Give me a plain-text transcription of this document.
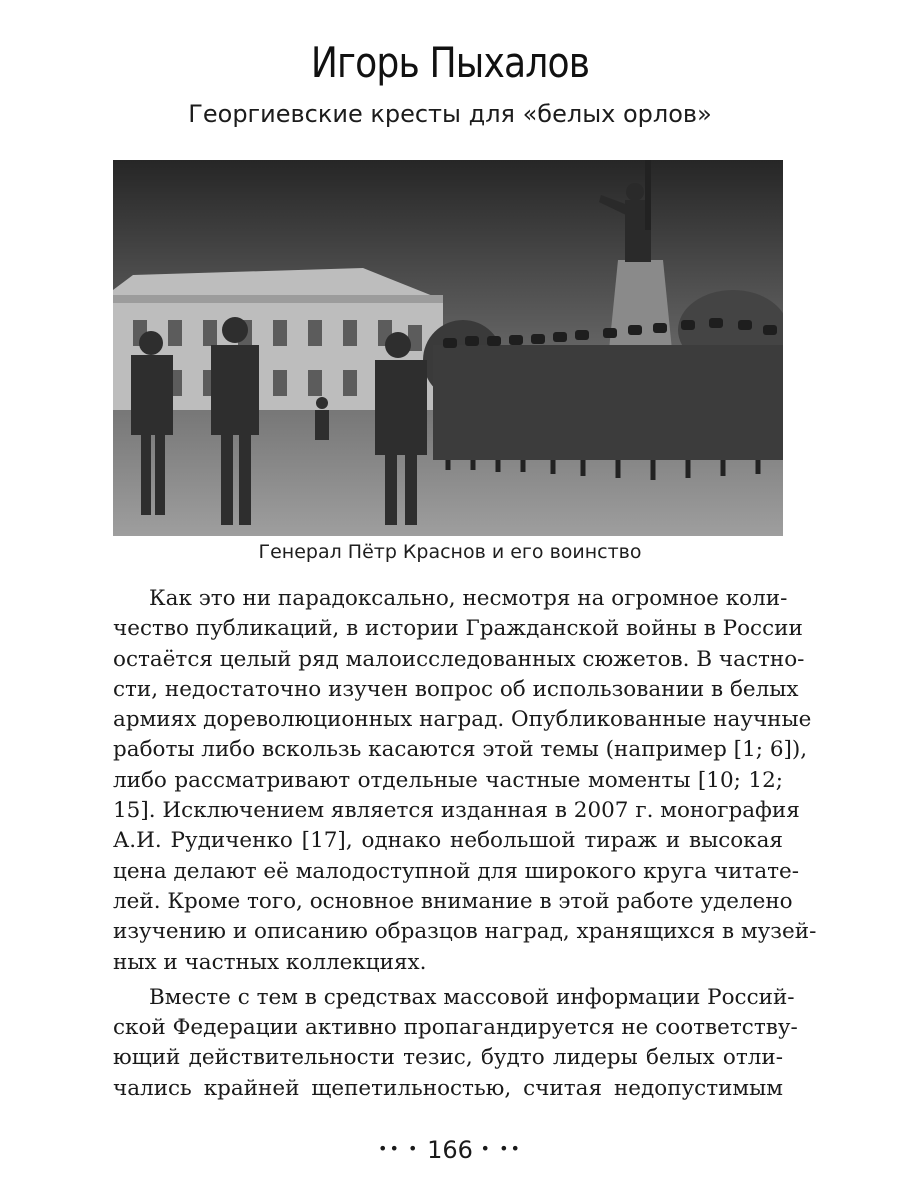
Игорь Пыхалов
Георгиевские кресты для «белых орлов»
Генерал Пётр Краснов и его воинство
Как это ни парадоксально, несмотря на огромное коли-
чество публикаций, в истории Гражданской войны в России
остаётся целый ряд малоисследованных сюжетов. В частно-
сти, недостаточно изучен вопрос об использовании в белых
армиях дореволюционных наград. Опубликованные научные
работы либо вскользь касаются этой темы (например [1; 6]),
либо рассматривают отдельные частные моменты [10; 12;
15]. Исключением является изданная в 2007 г. монография
А.И. Рудиченко [17], однако небольшой тираж и высокая
цена делают её малодоступной для широкого круга читате-
лей. Кроме того, основное внимание в этой работе уделено
изучению и описанию образцов наград, хранящихся в музей-
ных и частных коллекциях.
Вместе с тем в средствах массовой информации Россий-
ской Федерации активно пропагандируется не соответству-
ющий действительности тезис, будто лидеры белых отли-
чались крайней щепетильностью, считая недопустимым
•• • 166 • ••
